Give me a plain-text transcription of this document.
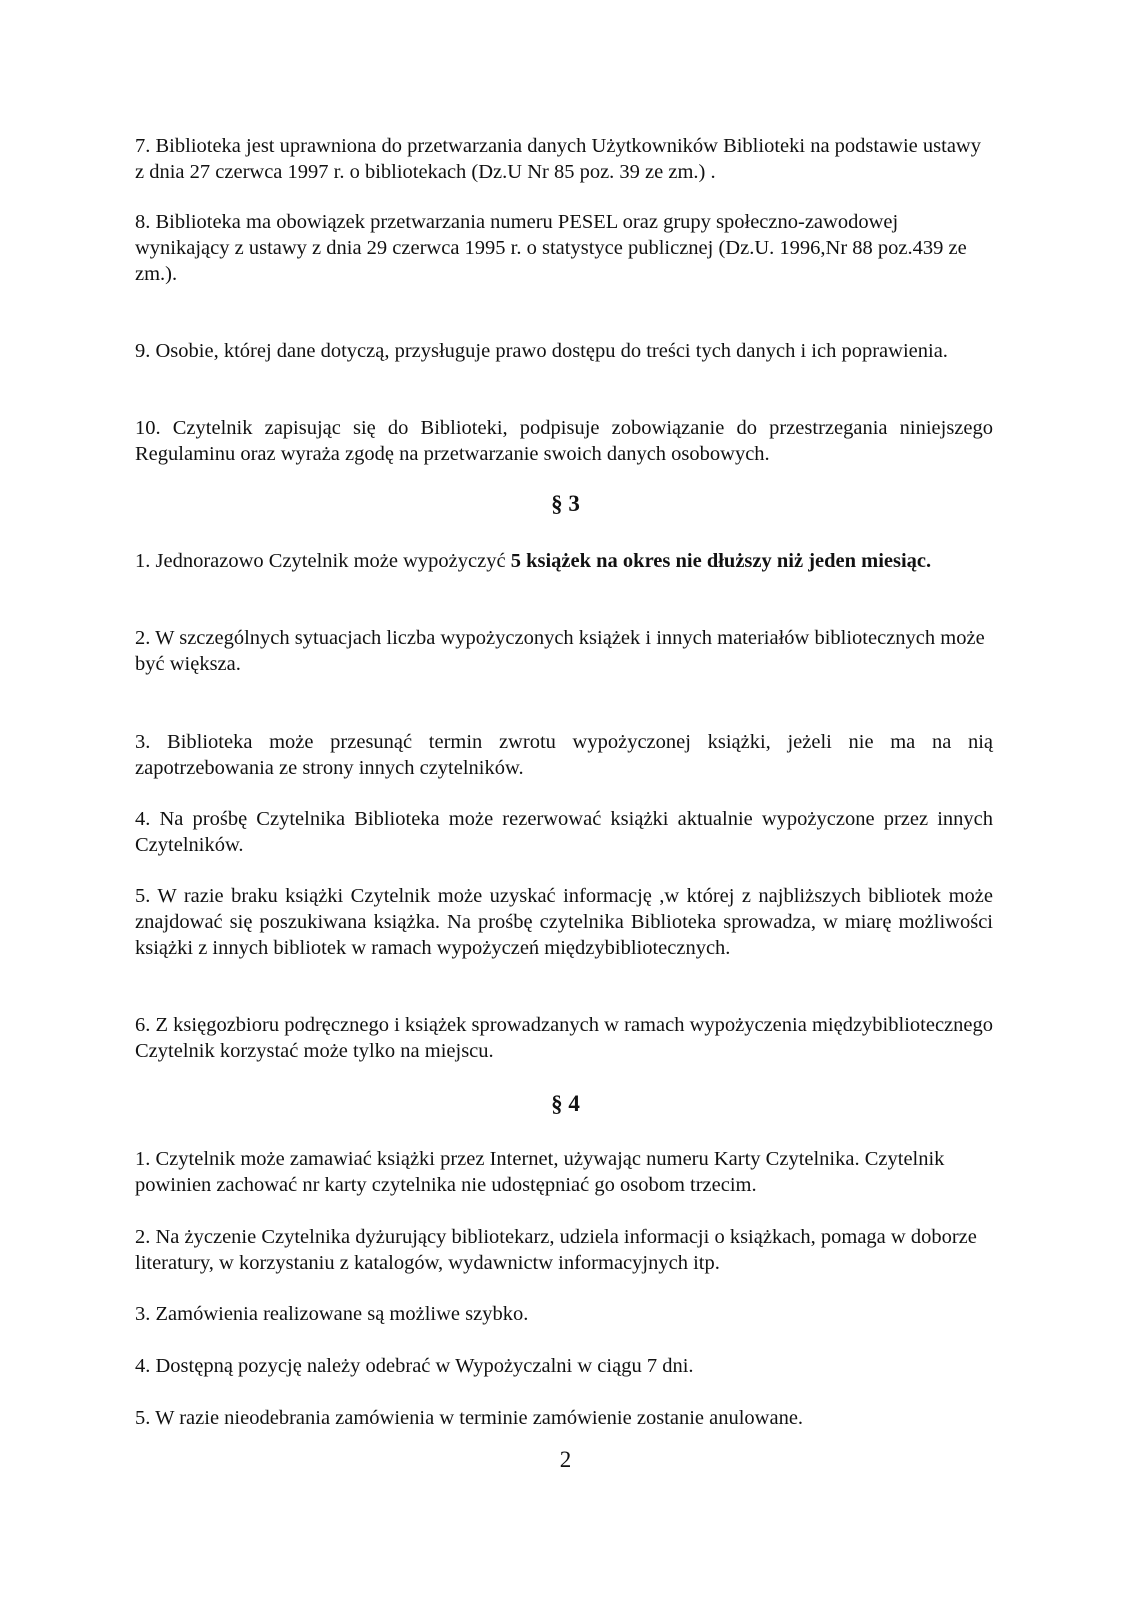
7. Biblioteka jest uprawniona do przetwarzania danych Użytkowników Biblioteki na podstawie ustawy z dnia 27 czerwca 1997 r. o bibliotekach (Dz.U Nr 85 poz. 39 ze zm.) .

8. Biblioteka ma obowiązek przetwarzania numeru PESEL oraz grupy społeczno-zawodowej wynikający z ustawy z dnia 29 czerwca 1995 r. o statystyce publicznej (Dz.U. 1996,Nr 88 poz.439 ze zm.).

9. Osobie, której dane dotyczą, przysługuje prawo dostępu do treści tych danych i ich poprawienia.

10. Czytelnik zapisując się do Biblioteki, podpisuje zobowiązanie do przestrzegania niniejszego Regulaminu oraz wyraża zgodę na przetwarzanie swoich danych osobowych.

§ 3

1. Jednorazowo Czytelnik może wypożyczyć 5 książek na okres nie dłuższy niż jeden miesiąc.

2. W szczególnych sytuacjach liczba wypożyczonych książek i innych materiałów bibliotecznych może być większa.

3. Biblioteka może przesunąć termin zwrotu wypożyczonej książki, jeżeli nie ma na nią zapotrzebowania ze strony innych czytelników.

4. Na prośbę Czytelnika Biblioteka może rezerwować książki aktualnie wypożyczone przez innych Czytelników.

5. W razie braku książki Czytelnik może uzyskać informację ,w której z najbliższych bibliotek może znajdować się poszukiwana książka. Na prośbę czytelnika Biblioteka sprowadza, w miarę możliwości książki z innych bibliotek w ramach wypożyczeń międzybibliotecznych.

6. Z księgozbioru podręcznego i książek sprowadzanych w ramach wypożyczenia międzybibliotecznego Czytelnik korzystać może tylko na miejscu.

§ 4

1. Czytelnik może zamawiać książki przez Internet, używając numeru Karty Czytelnika. Czytelnik powinien zachować nr karty czytelnika nie udostępniać go osobom trzecim.

2. Na życzenie Czytelnika dyżurujący bibliotekarz, udziela informacji o książkach, pomaga w doborze literatury, w korzystaniu z katalogów, wydawnictw informacyjnych itp.

3. Zamówienia realizowane są możliwe szybko.

4. Dostępną pozycję należy odebrać w Wypożyczalni w ciągu 7 dni.

5. W razie nieodebrania zamówienia w terminie zamówienie zostanie anulowane.

2
